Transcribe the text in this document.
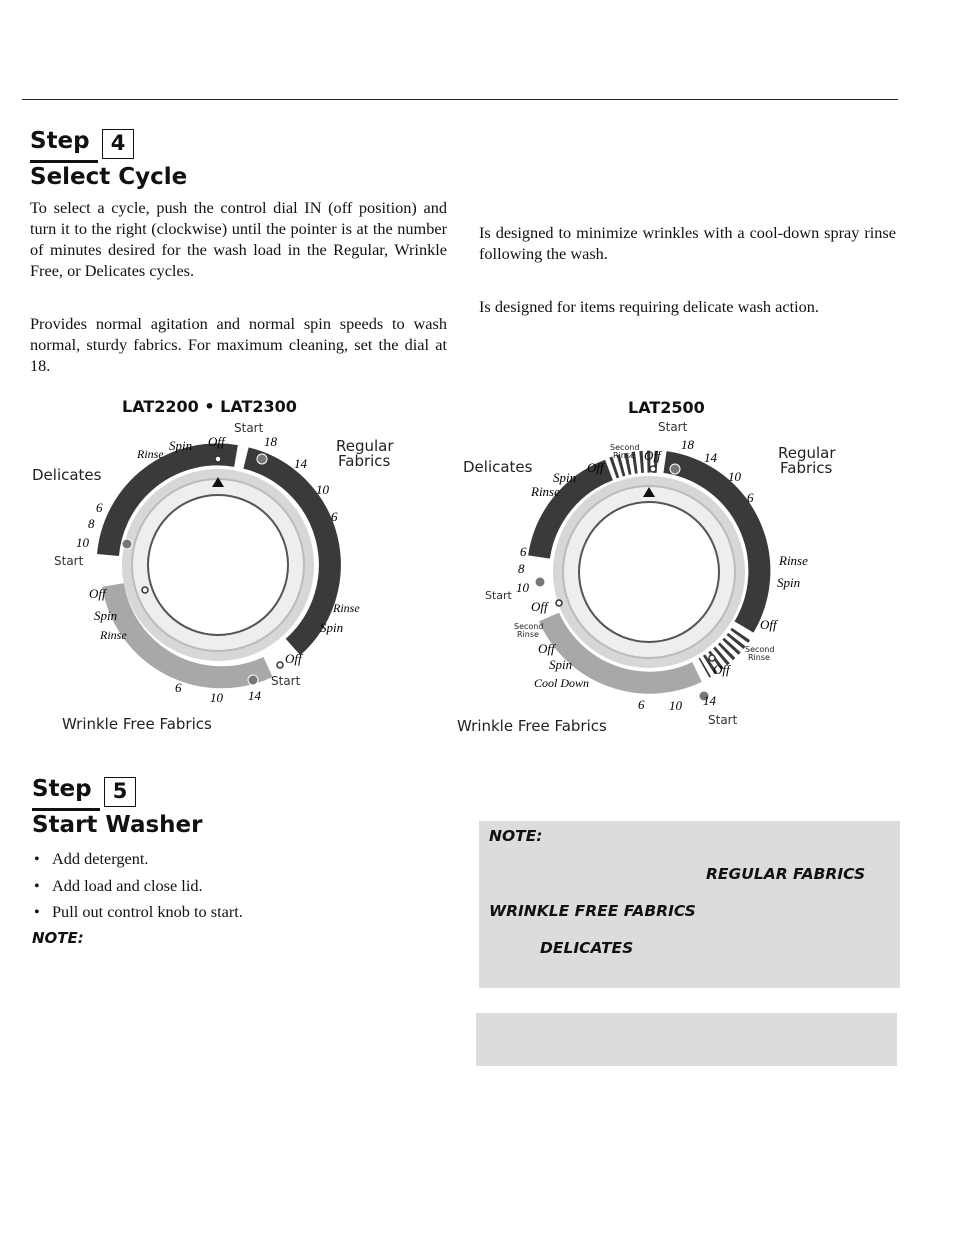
Step	4
Select Cycle
To select a cycle, push the control dial IN (off position) and turn it to the right (clockwise) until the pointer is at the number of minutes desired for the wash load in the Regular, Wrinkle Free, or Delicates cycles.
Provides normal agitation and normal spin speeds to wash normal, sturdy fabrics. For maximum cleaning, set the dial at 18.
Is designed to minimize wrinkles with a cool-down spray rinse following the wash.
Is designed for items requiring delicate wash action.
LAT2200 • LAT2300	LAT2500
Delicates
Regular
Fabrics
Wrinkle Free Fabrics
Start
Start
Start
Off
Spin
Rinse
18
14
10
6
6
8
10
Off
Spin
Rinse
Rinse
Spin
Off
6
10 14
Delicates
Regular
Fabrics
Wrinkle Free Fabrics
Start
Start
Start
Second
Rinse Off
Off
Spin
Rinse
18
14
10
6
6
8
10
Rinse
Spin
Off
Second
Rinse
Off
Off
Second
Rinse
Off
Spin
Cool Down
6 10 14
Step	5
Start Washer
• Add detergent.
• Add load and close lid.
• Pull out control knob to start.
NOTE:
NOTE:
REGULAR FABRICS
WRINKLE FREE FABRICS
DELICATES
